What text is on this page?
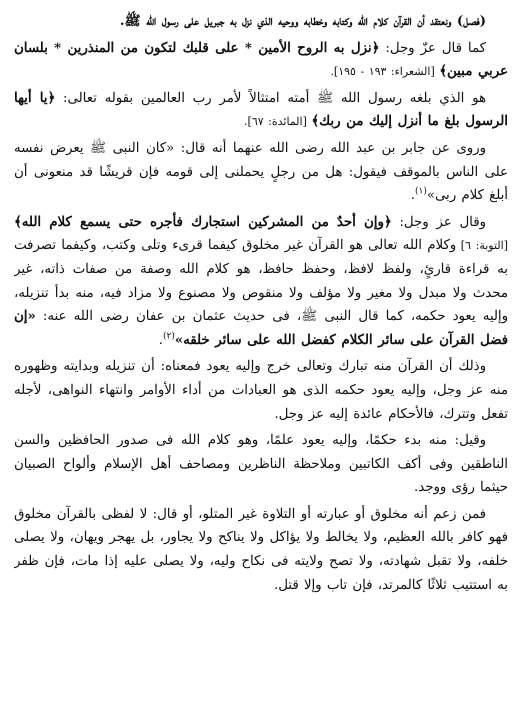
(فصل) ونعتقد أن القرآن كلام الله وكتابه وخطابه ووحيه الذي نزل به جبريل على رسول الله ﷺ.

كما قال عزّ وجل: ﴿نزل به الروح الأمين * على قلبك لتكون من المنذرين * بلسان عربي مبين﴾ [الشعراء: ١٩٣ - ١٩٥].

هو الذي بلغه رسول الله ﷺ أمته امتثالاً لأمر رب العالمين بقوله تعالى: ﴿يا أيها الرسول بلغ ما أنزل إليك من ربك﴾ [المائدة: ٦٧].

وروى عن جابر بن عبد الله رضى الله عنهما أنه قال: «كان النبى ﷺ يعرض نفسه على الناس بالموقف فيقول: هل من رجلٍ يحملنى إلى قومه فإن قريشًا قد منعونى أن أبلغ كلام ربى»$^{(١)}$.

وقال عز وجل: ﴿وإن أحدٌ من المشركين استجارك فأجره حتى يسمع كلام الله﴾ [التوبة: ٦] وكلام الله تعالى هو القرآن غير مخلوق كيفما قرىء وتلى وكتب، وكيفما تصرفت به قراءة قارئٍ، ولفظ لافظ، وحفظ حافظ، هو كلام الله وصفة من صفات ذاته، غير محدث ولا مبدل ولا مغير ولا مؤلف ولا منقوص ولا مصنوع ولا مزاد فيه، منه بدأ تنزيله، وإليه يعود حكمه، كما قال النبى ﷺ، فى حديث عثمان بن عفان رضى الله عنه: «إن فضل القرآن على سائر الكلام كفضل الله على سائر خلقه»$^{(٢)}$.

وذلك أن القرآن منه تبارك وتعالى خرج وإليه يعود فمعناه: أن تنزيله وبدايته وظهوره منه عز وجل، وإليه يعود حكمه الذى هو العبادات من أداء الأوامر وانتهاء النواهى، لأجله تفعل وتترك، فالأحكام عائدة إليه عز وجل.

وقيل: منه بدء حكمًا، وإليه يعود علمًا، وهو كلام الله فى صدور الحافظين والسن الناطقين وفى أكف الكاتبين وملاحظة الناظرين ومصاحف أهل الإسلام وألواح الصبيان حيثما رؤى ووجد.

فمن زعم أنه مخلوق أو عبارته أو التلاوة غير المتلو، أو قال: لا لفظى بالقرآن مخلوق فهو كافر بالله العظيم، ولا يخالط ولا يؤاكل ولا يناكح ولا يجاور، بل يهجر ويهان، ولا يصلى خلفه، ولا تقبل شهادته، ولا تصح ولايته فى نكاح وليه، ولا يصلى عليه إذا مات، فإن ظفر به استتيب ثلاثًا كالمرتد، فإن تاب وإلا قتل.
